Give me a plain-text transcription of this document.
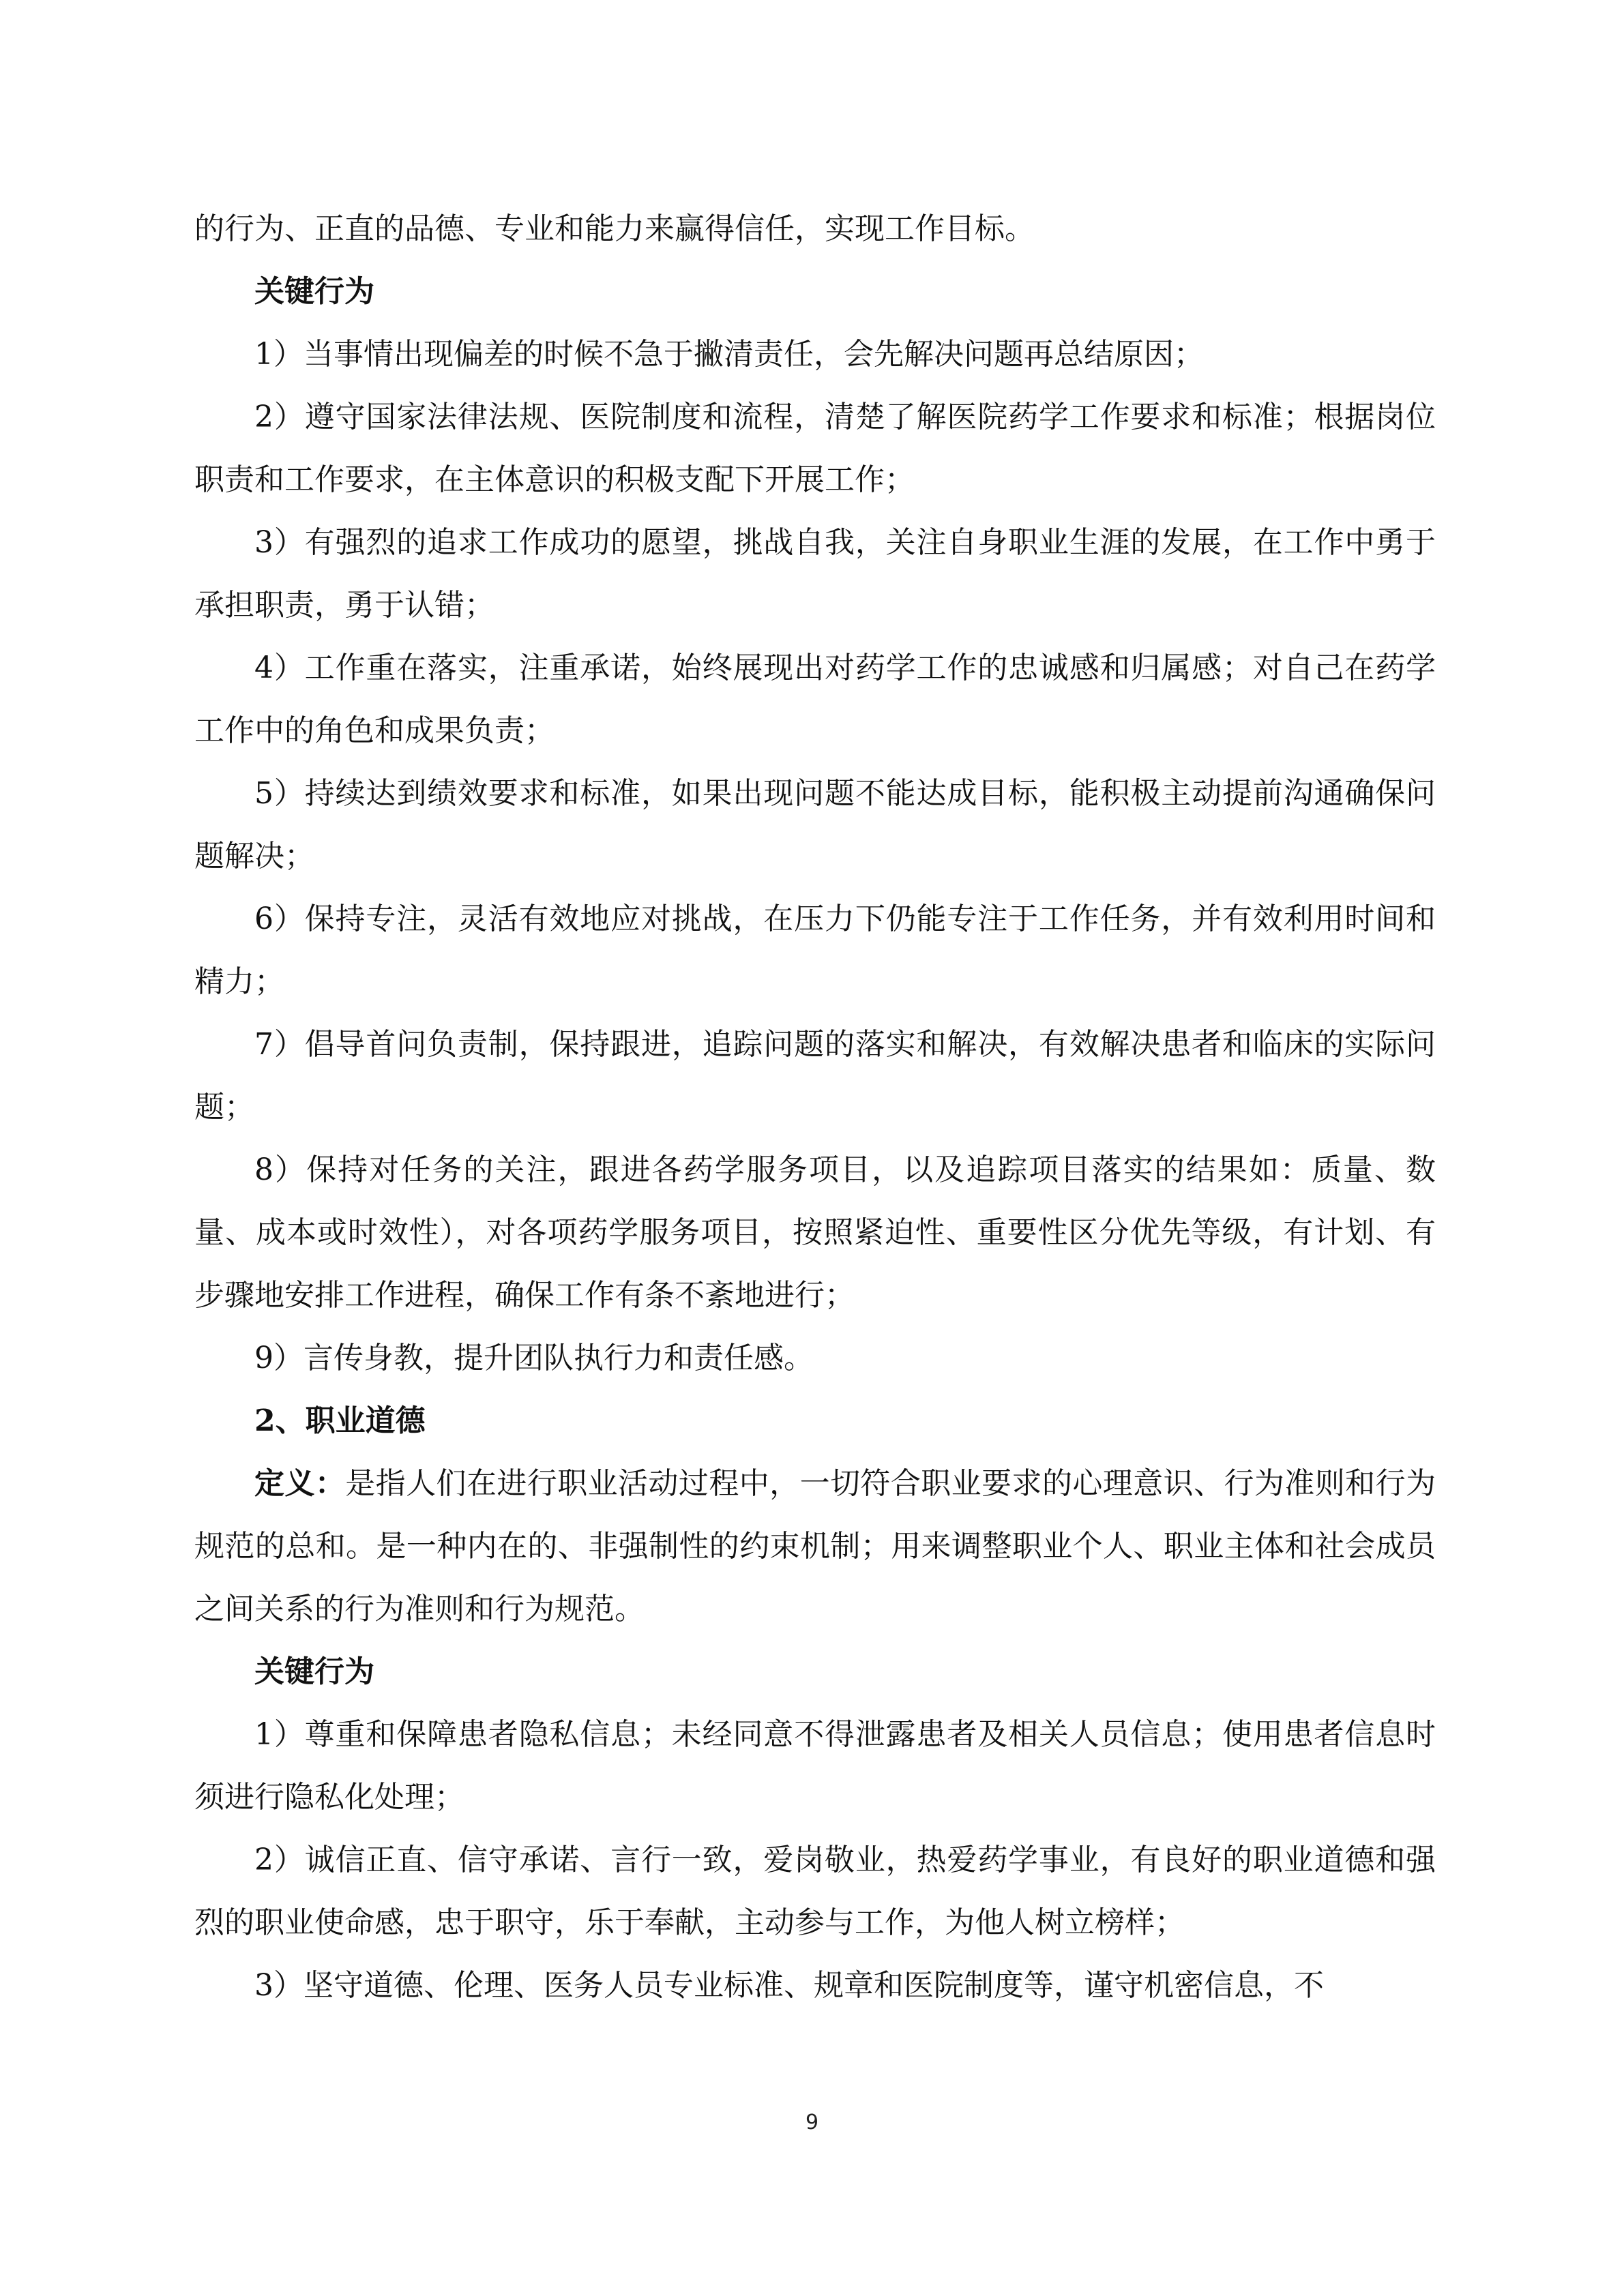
的行为、正直的品德、专业和能力来赢得信任，实现工作目标。

关键行为

1）当事情出现偏差的时候不急于撇清责任，会先解决问题再总结原因；

2）遵守国家法律法规、医院制度和流程，清楚了解医院药学工作要求和标准；根据岗位职责和工作要求，在主体意识的积极支配下开展工作；

3）有强烈的追求工作成功的愿望，挑战自我，关注自身职业生涯的发展，在工作中勇于承担职责，勇于认错；

4）工作重在落实，注重承诺，始终展现出对药学工作的忠诚感和归属感；对自己在药学工作中的角色和成果负责；

5）持续达到绩效要求和标准，如果出现问题不能达成目标，能积极主动提前沟通确保问题解决；

6）保持专注，灵活有效地应对挑战，在压力下仍能专注于工作任务，并有效利用时间和精力；

7）倡导首问负责制，保持跟进，追踪问题的落实和解决，有效解决患者和临床的实际问题；

8）保持对任务的关注，跟进各药学服务项目，以及追踪项目落实的结果如：质量、数量、成本或时效性），对各项药学服务项目，按照紧迫性、重要性区分优先等级，有计划、有步骤地安排工作进程，确保工作有条不紊地进行；

9）言传身教，提升团队执行力和责任感。

2、职业道德

定义：是指人们在进行职业活动过程中，一切符合职业要求的心理意识、行为准则和行为规范的总和。是一种内在的、非强制性的约束机制；用来调整职业个人、职业主体和社会成员之间关系的行为准则和行为规范。

关键行为

1）尊重和保障患者隐私信息；未经同意不得泄露患者及相关人员信息；使用患者信息时须进行隐私化处理；

2）诚信正直、信守承诺、言行一致，爱岗敬业，热爱药学事业，有良好的职业道德和强烈的职业使命感，忠于职守，乐于奉献，主动参与工作，为他人树立榜样；

3）坚守道德、伦理、医务人员专业标准、规章和医院制度等，谨守机密信息，不

9
